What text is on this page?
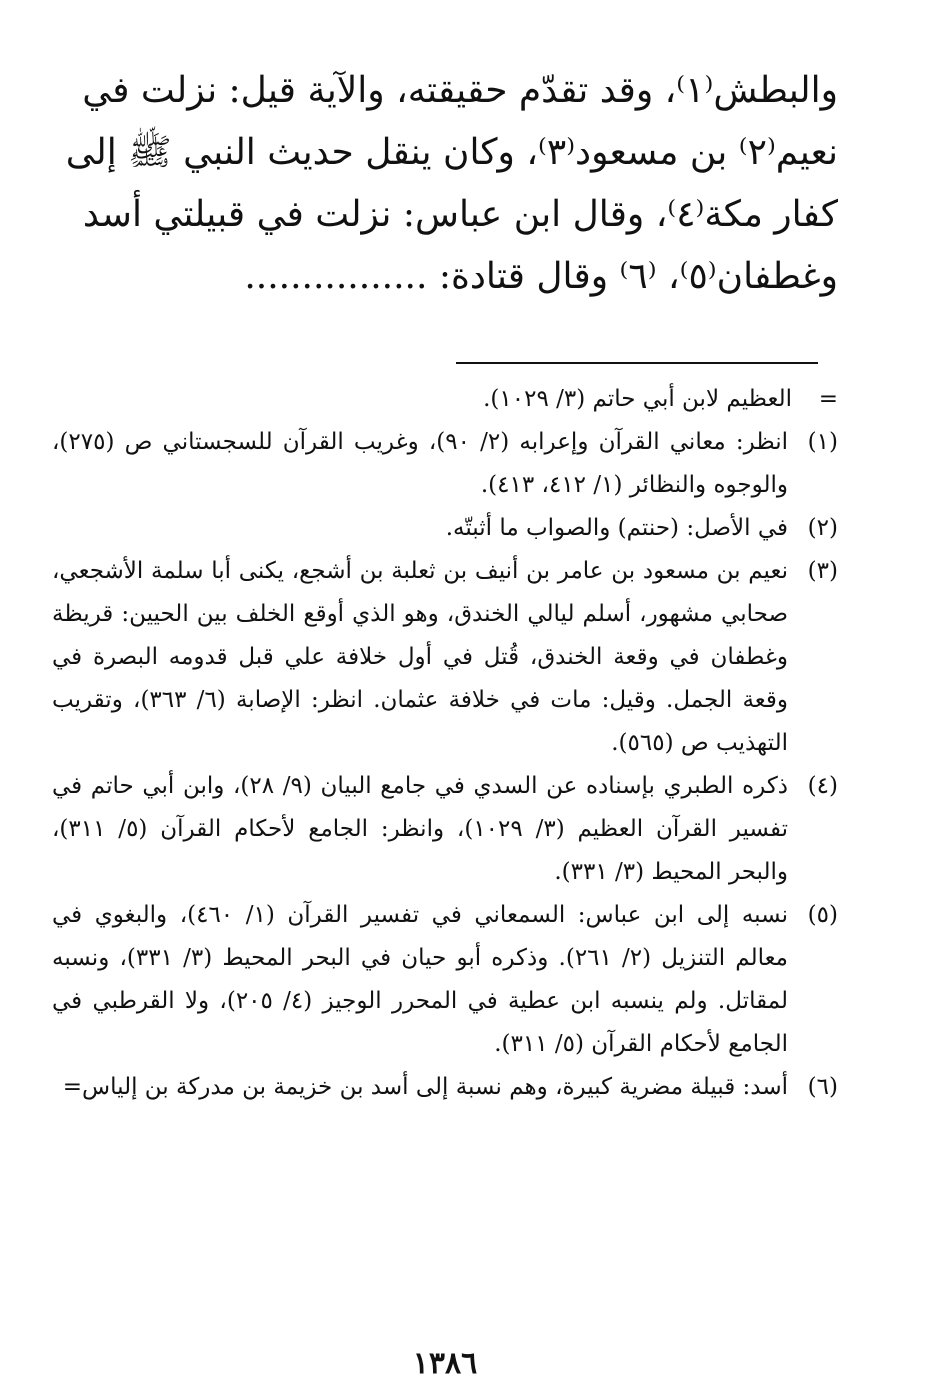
والبطش⁽١⁾، وقد تقدّم حقيقته، والآية قيل: نزلت في
نعيم⁽٢⁾ بن مسعود⁽٣⁾، وكان ينقل حديث النبي ﷺ إلى
كفار مكة⁽٤⁾، وقال ابن عباس: نزلت في قبيلتي أسد
وغطفان⁽٥⁾، ⁽٦⁾ وقال قتادة: ................

=
العظيم لابن أبي حاتم (٣/ ١٠٢٩).

(١)
انظر: معاني القرآن وإعرابه (٢/ ٩٠)، وغريب القرآن للسجستاني ص (٢٧٥)، والوجوه والنظائر (١/ ٤١٢، ٤١٣).

(٢)
في الأصل: (حنتم) والصواب ما أثبتّه.

(٣)
نعيم بن مسعود بن عامر بن أنيف بن ثعلبة بن أشجع، يكنى أبا سلمة الأشجعي، صحابي مشهور، أسلم ليالي الخندق، وهو الذي أوقع الخلف بين الحيين: قريظة وغطفان في وقعة الخندق، قُتل في أول خلافة علي قبل قدومه البصرة في وقعة الجمل. وقيل: مات في خلافة عثمان. انظر: الإصابة (٦/ ٣٦٣)، وتقريب التهذيب ص (٥٦٥).

(٤)
ذكره الطبري بإسناده عن السدي في جامع البيان (٩/ ٢٨)، وابن أبي حاتم في تفسير القرآن العظيم (٣/ ١٠٢٩)، وانظر: الجامع لأحكام القرآن (٥/ ٣١١)، والبحر المحيط (٣/ ٣٣١).

(٥)
نسبه إلى ابن عباس: السمعاني في تفسير القرآن (١/ ٤٦٠)، والبغوي في معالم التنزيل (٢/ ٢٦١). وذكره أبو حيان في البحر المحيط (٣/ ٣٣١)، ونسبه لمقاتل. ولم ينسبه ابن عطية في المحرر الوجيز (٤/ ٢٠٥)، ولا القرطبي في الجامع لأحكام القرآن (٥/ ٣١١).

(٦)
أسد: قبيلة مضرية كبيرة، وهم نسبة إلى أسد بن خزيمة بن مدركة بن إلياس=

١٣٨٦
